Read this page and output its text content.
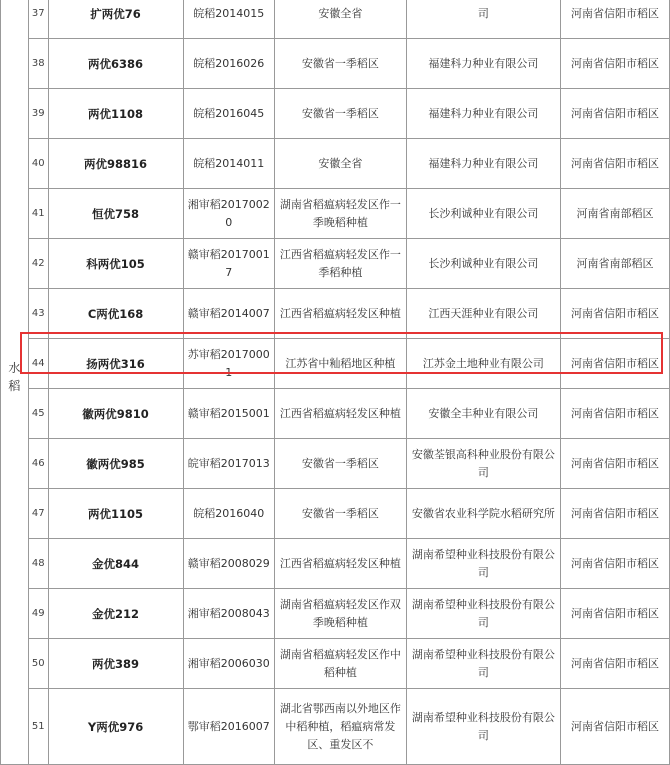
水
稻	37	扩两优76	皖稻2014015	安徽全省	司	河南省信阳市稻区
	38	两优6386	皖稻2016026	安徽省一季稻区	福建科力种业有限公司	河南省信阳市稻区
	39	两优1108	皖稻2016045	安徽省一季稻区	福建科力种业有限公司	河南省信阳市稻区
	40	两优98816	皖稻2014011	安徽全省	福建科力种业有限公司	河南省信阳市稻区
	41	恒优758	湘审稻2017002 0	湖南省稻瘟病轻发区作一季晚稻种植	长沙利诚种业有限公司	河南省南部稻区
	42	科两优105	赣审稻2017001 7	江西省稻瘟病轻发区作一季稻种植	长沙利诚种业有限公司	河南省南部稻区
	43	C两优168	赣审稻2014007	江西省稻瘟病轻发区种植	江西天涯种业有限公司	河南省信阳市稻区
	44	扬两优316	苏审稻2017000 1	江苏省中籼稻地区种植	江苏金土地种业有限公司	河南省信阳市稻区
	45	徽两优9810	赣审稻2015001	江西省稻瘟病轻发区种植	安徽全丰种业有限公司	河南省信阳市稻区
	46	徽两优985	皖审稻2017013	安徽省一季稻区	安徽荃银高科种业股份有限公司	河南省信阳市稻区
	47	两优1105	皖稻2016040	安徽省一季稻区	安徽省农业科学院水稻研究所	河南省信阳市稻区
	48	金优844	赣审稻2008029	江西省稻瘟病轻发区种植	湖南希望种业科技股份有限公司	河南省信阳市稻区
	49	金优212	湘审稻2008043	湖南省稻瘟病轻发区作双季晚稻种植	湖南希望种业科技股份有限公司	河南省信阳市稻区
	50	两优389	湘审稻2006030	湖南省稻瘟病轻发区作中稻种植	湖南希望种业科技股份有限公司	河南省信阳市稻区
	51	Y两优976	鄂审稻2016007	湖北省鄂西南以外地区作中稻种植，稻瘟病常发区、重发区不	湖南希望种业科技股份有限公司	河南省信阳市稻区
